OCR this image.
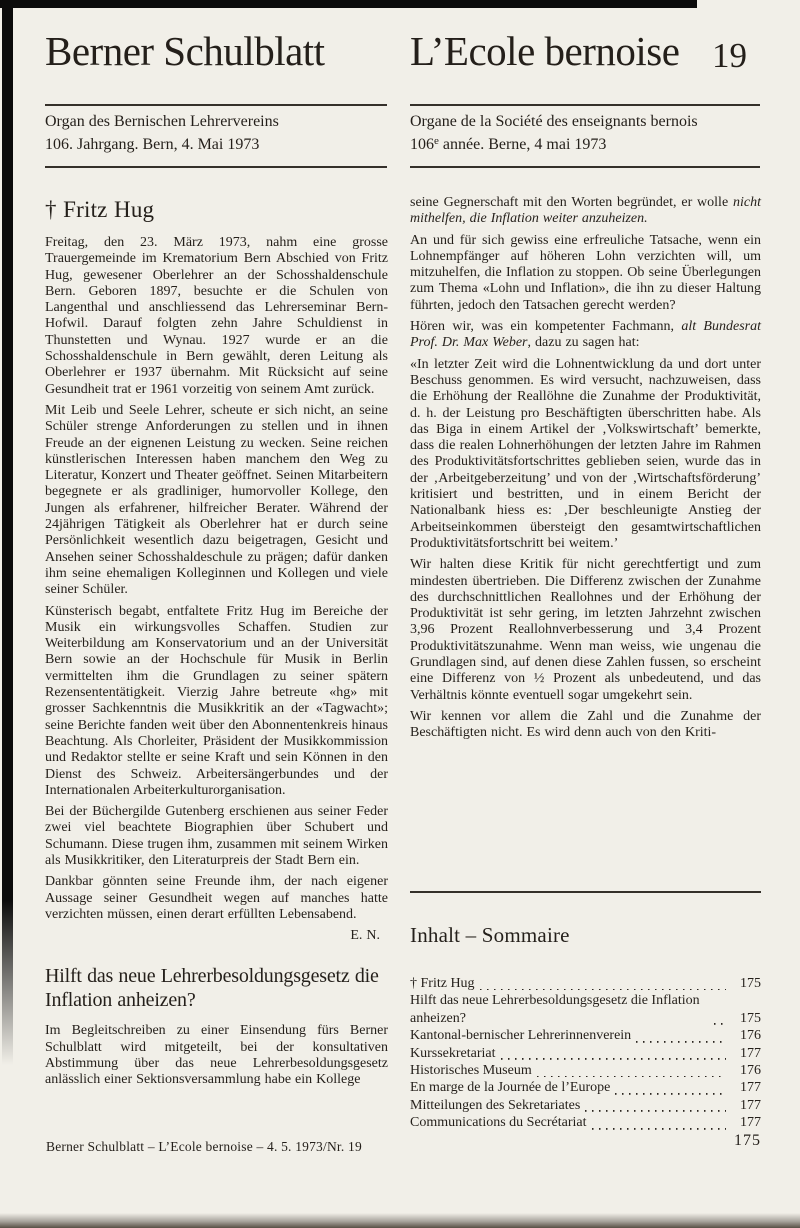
Berner Schulblatt L’Ecole bernoise 19
Organ des Bernischen Lehrervereins
106. Jahrgang. Bern, 4. Mai 1973
Organe de la Société des enseignants bernois
106e année. Berne, 4 mai 1973
† Fritz Hug

Freitag, den 23. März 1973, nahm eine grosse Trauergemeinde im Krematorium Bern Abschied von Fritz Hug, gewesener Oberlehrer an der Schosshaldenschule Bern. Geboren 1897, besuchte er die Schulen von Langenthal und anschliessend das Lehrerseminar Bern-Hofwil. Darauf folgten zehn Jahre Schuldienst in Thunstetten und Wynau. 1927 wurde er an die Schosshaldenschule in Bern gewählt, deren Leitung als Oberlehrer er 1937 übernahm. Mit Rücksicht auf seine Gesundheit trat er 1961 vorzeitig von seinem Amt zurück.

Mit Leib und Seele Lehrer, scheute er sich nicht, an seine Schüler strenge Anforderungen zu stellen und in ihnen Freude an der eignenen Leistung zu wecken. Seine reichen künstlerischen Interessen haben manchem den Weg zu Literatur, Konzert und Theater geöffnet. Seinen Mitarbeitern begegnete er als gradliniger, humorvoller Kollege, den Jungen als erfahrener, hilfreicher Berater. Während der 24jährigen Tätigkeit als Oberlehrer hat er durch seine Persönlichkeit wesentlich dazu beigetragen, Gesicht und Ansehen seiner Schosshaldeschule zu prägen; dafür danken ihm seine ehemaligen Kolleginnen und Kollegen und viele seiner Schüler.

Künsterisch begabt, entfaltete Fritz Hug im Bereiche der Musik ein wirkungsvolles Schaffen. Studien zur Weiterbildung am Konservatorium und an der Universität Bern sowie an der Hochschule für Musik in Berlin vermittelten ihm die Grundlagen zu seiner spätern Rezensententätigkeit. Vierzig Jahre betreute «hg» mit grosser Sachkenntnis die Musikkritik an der «Tagwacht»; seine Berichte fanden weit über den Abonnentenkreis hinaus Beachtung. Als Chorleiter, Präsident der Musikkommission und Redaktor stellte er seine Kraft und sein Können in den Dienst des Schweiz. Arbeitersängerbundes und der Internationalen Arbeiterkulturorganisation.

Bei der Büchergilde Gutenberg erschienen aus seiner Feder zwei viel beachtete Biographien über Schubert und Schumann. Diese trugen ihm, zusammen mit seinem Wirken als Musikkritiker, den Literaturpreis der Stadt Bern ein.

Dankbar gönnten seine Freunde ihm, der nach eigener Aussage seiner Gesundheit wegen auf manches hatte verzichten müssen, einen derart erfüllten Lebensabend.

E. N.
Hilft das neue Lehrerbesoldungsgesetz die Inflation anheizen?

Im Begleitschreiben zu einer Einsendung fürs Berner Schulblatt wird mitgeteilt, bei der konsultativen Abstimmung über das neue Lehrerbesoldungsgesetz anlässlich einer Sektionsversammlung habe ein Kollege

seine Gegnerschaft mit den Worten begründet, er wolle nicht mithelfen, die Inflation weiter anzuheizen.

An und für sich gewiss eine erfreuliche Tatsache, wenn ein Lohnempfänger auf höheren Lohn verzichten will, um mitzuhelfen, die Inflation zu stoppen. Ob seine Überlegungen zum Thema «Lohn und Inflation», die ihn zu dieser Haltung führten, jedoch den Tatsachen gerecht werden?

Hören wir, was ein kompetenter Fachmann, alt Bundesrat Prof. Dr. Max Weber, dazu zu sagen hat:

«In letzter Zeit wird die Lohnentwicklung da und dort unter Beschuss genommen. Es wird versucht, nachzuweisen, dass die Erhöhung der Reallöhne die Zunahme der Produktivität, d. h. der Leistung pro Beschäftigten überschritten habe. Als das Biga in einem Artikel der ‚Volkswirtschaft’ bemerkte, dass die realen Lohnerhöhungen der letzten Jahre im Rahmen des Produktivitätsfortschrittes geblieben seien, wurde das in der ‚Arbeitgeberzeitung’ und von der ‚Wirtschaftsförderung’ kritisiert und bestritten, und in einem Bericht der Nationalbank hiess es: ‚Der beschleunigte Anstieg der Arbeitseinkommen übersteigt den gesamtwirtschaftlichen Produktivitätsfortschritt bei weitem.’

Wir halten diese Kritik für nicht gerechtfertigt und zum mindesten übertrieben. Die Differenz zwischen der Zunahme des durchschnittlichen Reallohnes und der Erhöhung der Produktivität ist sehr gering, im letzten Jahrzehnt zwischen 3,96 Prozent Reallohnverbesserung und 3,4 Prozent Produktivitätszunahme. Wenn man weiss, wie ungenau die Grundlagen sind, auf denen diese Zahlen fussen, so erscheint eine Differenz von ½ Prozent als unbedeutend, und das Verhältnis könnte eventuell sogar umgekehrt sein.

Wir kennen vor allem die Zahl und die Zunahme der Beschäftigten nicht. Es wird denn auch von den Kriti-

Inhalt – Sommaire
† Fritz Hug	175
Hilft das neue Lehrerbesoldungsgesetz die Inflation anheizen?	175
Kantonal-bernischer Lehrerinnenverein	176
Kurssekretariat	177
Historisches Museum	176
En marge de la Journée de l’Europe	177
Mitteilungen des Sekretariates	177
Communications du Secrétariat	177
Berner Schulblatt – L’Ecole bernoise – 4. 5. 1973/Nr. 19	175
